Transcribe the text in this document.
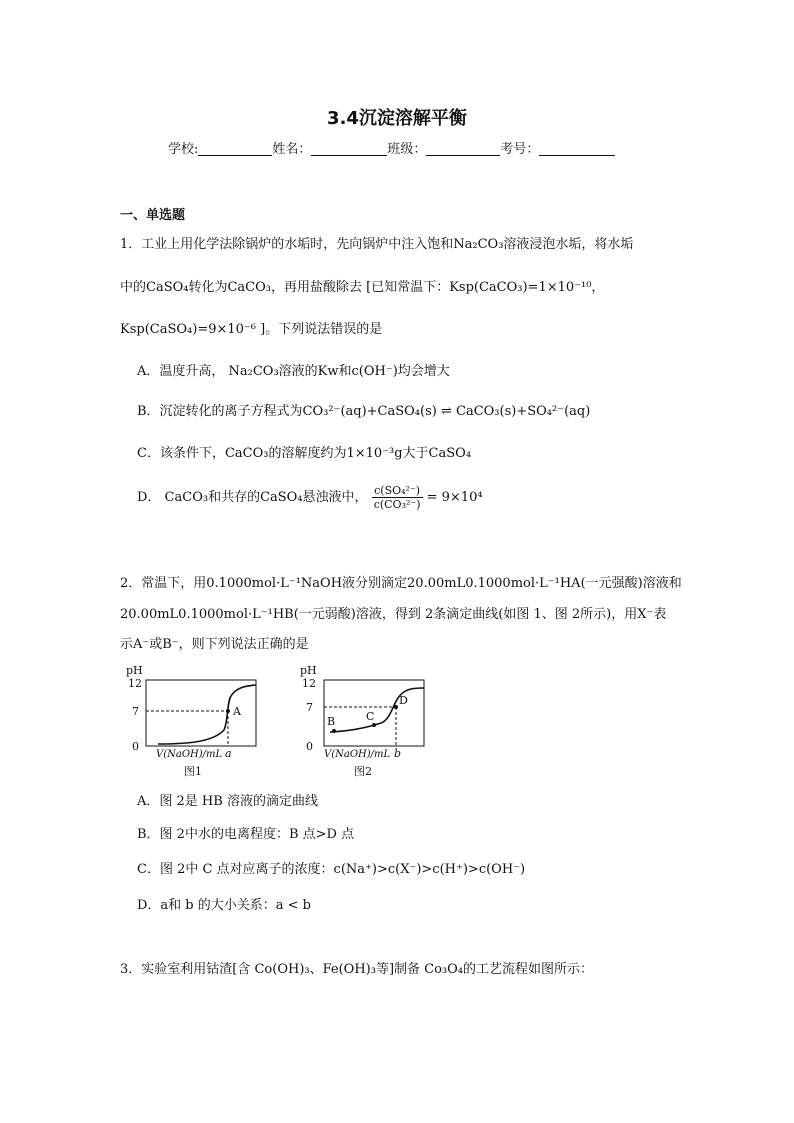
3.4沉淀溶解平衡
学校:	姓名：	班级：	考号：
一、单选题
1．工业上用化学法除锅炉的水垢时，先向锅炉中注入饱和Na₂CO₃溶液浸泡水垢，将水垢
中的CaSO₄转化为CaCO₃，再用盐酸除去 [已知常温下：Ksp(CaCO₃)=1×10⁻¹⁰，
Ksp(CaSO₄)=9×10⁻⁶ ]。下列说法错误的是
A．温度升高， Na₂CO₃溶液的Kw和c(OH⁻)均会增大
B．沉淀转化的离子方程式为CO₃²⁻(aq)+CaSO₄(s) ⇌ CaCO₃(s)+SO₄²⁻(aq)
C．该条件下，CaCO₃的溶解度约为1×10⁻³g大于CaSO₄
D． CaCO₃和共存的CaSO₄悬浊液中， $\frac{\text{c(SO₄²⁻)}}{\text{c(CO₃²⁻)}} = 9\times 10^4$
2．常温下，用0.1000mol·L⁻¹NaOH液分别滴定20.00mL0.1000mol·L⁻¹HA(一元强酸)溶液和
20.00mL0.1000mol·L⁻¹HB(一元弱酸)溶液，得到 2条滴定曲线(如图 1、图 2所示)，用X⁻表
示A⁻或B⁻，则下列说法正确的是
pH
12
7
0
A
V(NaOH)/mL a
图1
pH
12
7
0
B	C
D
V(NaOH)/mL b
图2
A．图 2是 HB 溶液的滴定曲线
B．图 2中水的电离程度：B 点>D 点
C．图 2中 C 点对应离子的浓度：c(Na⁺)>c(X⁻)>c(H⁺)>c(OH⁻)
D．a和 b 的大小关系：a < b
3．实验室利用钴渣[含 Co(OH)₃、Fe(OH)₃等]制备 Co₃O₄的工艺流程如图所示：
